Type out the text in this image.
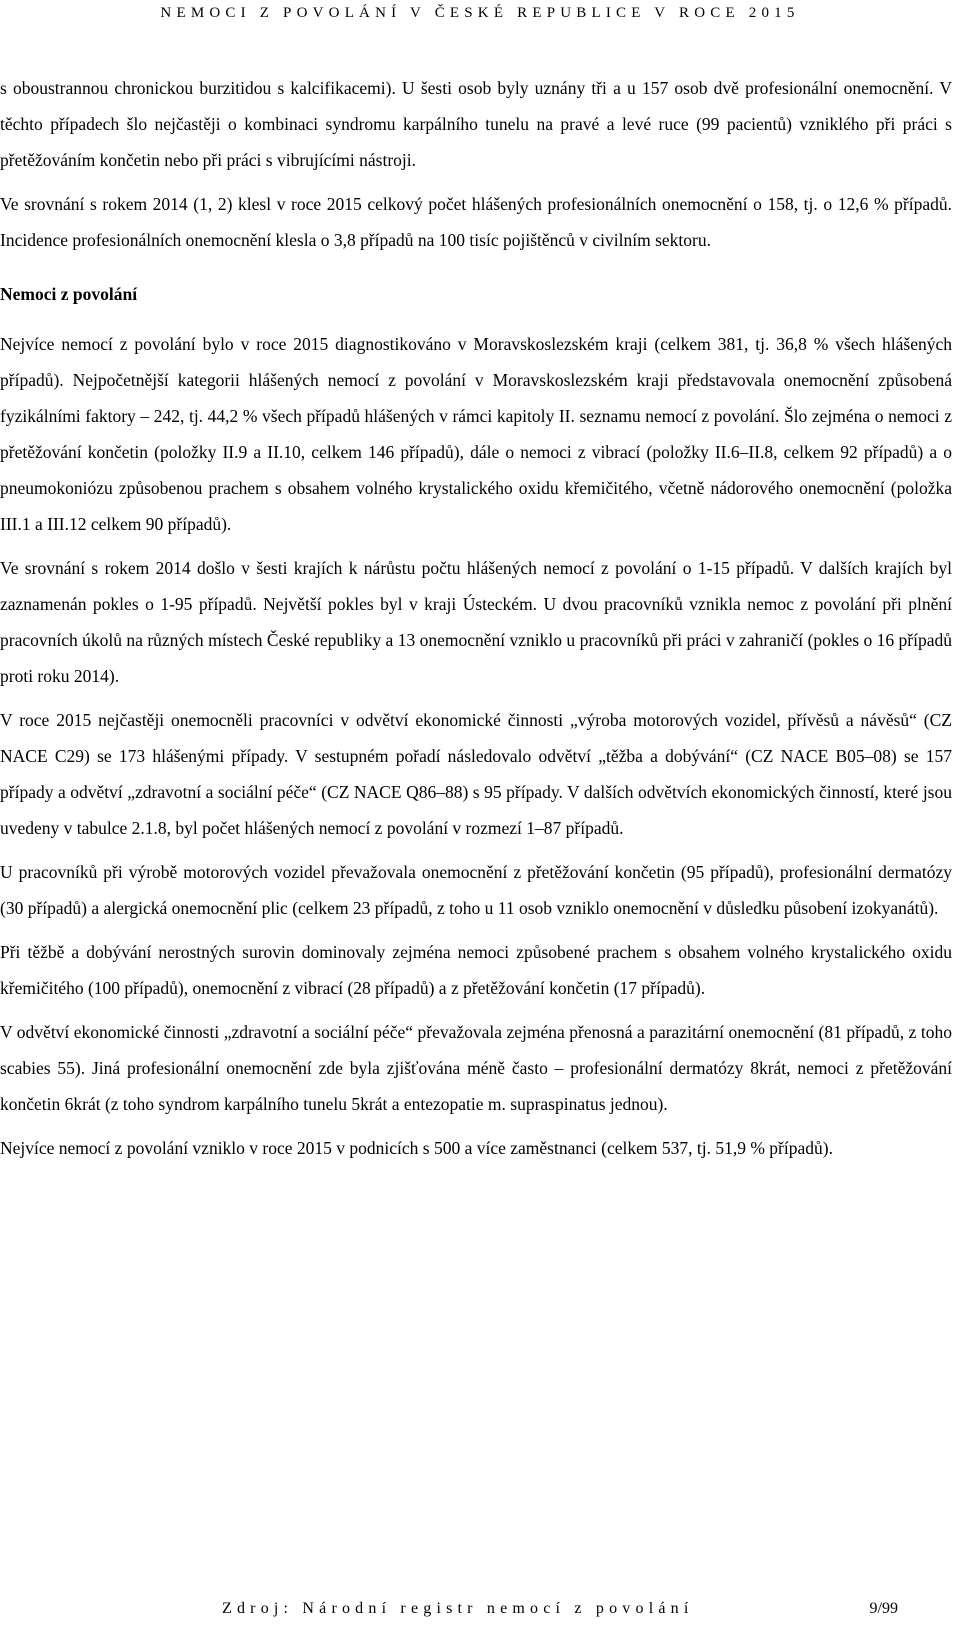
NEMOCI Z POVOLÁNÍ V ČESKÉ REPUBLICE V ROCE 2015

s oboustrannou chronickou burzitidou s kalcifikacemi). U šesti osob byly uznány tři a u 157 osob dvě profesionální onemocnění. V těchto případech šlo nejčastěji o kombinaci syndromu karpálního tunelu na pravé a levé ruce (99 pacientů) vzniklého při práci s přetěžováním končetin nebo při práci s vibrujícími nástroji.

Ve srovnání s rokem 2014 (1, 2) klesl v roce 2015 celkový počet hlášených profesionálních onemocnění o 158, tj. o 12,6 % případů. Incidence profesionálních onemocnění klesla o 3,8 případů na 100 tisíc pojištěnců v civilním sektoru.

Nemoci z povolání

Nejvíce nemocí z povolání bylo v roce 2015 diagnostikováno v Moravskoslezském kraji (celkem 381, tj. 36,8 % všech hlášených případů). Nejpočetnější kategorii hlášených nemocí z povolání v Moravskoslezském kraji představovala onemocnění způsobená fyzikálními faktory – 242, tj. 44,2 % všech případů hlášených v rámci kapitoly II. seznamu nemocí z povolání. Šlo zejména o nemoci z přetěžování končetin (položky II.9 a II.10, celkem 146 případů), dále o nemoci z vibrací (položky II.6–II.8, celkem 92 případů) a o pneumokoniózu způsobenou prachem s obsahem volného krystalického oxidu křemičitého, včetně nádorového onemocnění (položka III.1 a III.12 celkem 90 případů).

Ve srovnání s rokem 2014 došlo v šesti krajích k nárůstu počtu hlášených nemocí z povolání o 1-15 případů. V dalších krajích byl zaznamenán pokles o 1-95 případů. Největší pokles byl v kraji Ústeckém. U dvou pracovníků vznikla nemoc z povolání při plnění pracovních úkolů na různých místech České republiky a 13 onemocnění vzniklo u pracovníků při práci v zahraničí (pokles o 16 případů proti roku 2014).

V roce 2015 nejčastěji onemocněli pracovníci v odvětví ekonomické činnosti „výroba motorových vozidel, přívěsů a návěsů“ (CZ NACE C29) se 173 hlášenými případy. V sestupném pořadí následovalo odvětví „těžba a dobývání“ (CZ NACE B05–08) se 157 případy a odvětví „zdravotní a sociální péče“ (CZ NACE Q86–88) s 95 případy. V dalších odvětvích ekonomických činností, které jsou uvedeny v tabulce 2.1.8, byl počet hlášených nemocí z povolání v rozmezí 1–87 případů.

U pracovníků při výrobě motorových vozidel převažovala onemocnění z přetěžování končetin (95 případů), profesionální dermatózy (30 případů) a alergická onemocnění plic (celkem 23 případů, z toho u 11 osob vzniklo onemocnění v důsledku působení izokyanátů).

Při těžbě a dobývání nerostných surovin dominovaly zejména nemoci způsobené prachem s obsahem volného krystalického oxidu křemičitého (100 případů), onemocnění z vibrací (28 případů) a z přetěžování končetin (17 případů).

V odvětví ekonomické činnosti „zdravotní a sociální péče“ převažovala zejména přenosná a parazitární onemocnění (81 případů, z toho scabies 55). Jiná profesionální onemocnění zde byla zjišťována méně často – profesionální dermatózy 8krát, nemoci z přetěžování končetin 6krát (z toho syndrom karpálního tunelu 5krát a entezopatie m. supraspinatus jednou).

Nejvíce nemocí z povolání vzniklo v roce 2015 v podnicích s 500 a více zaměstnanci (celkem 537, tj. 51,9 % případů).

Zdroj: Národní registr nemocí z povolání	9/99
